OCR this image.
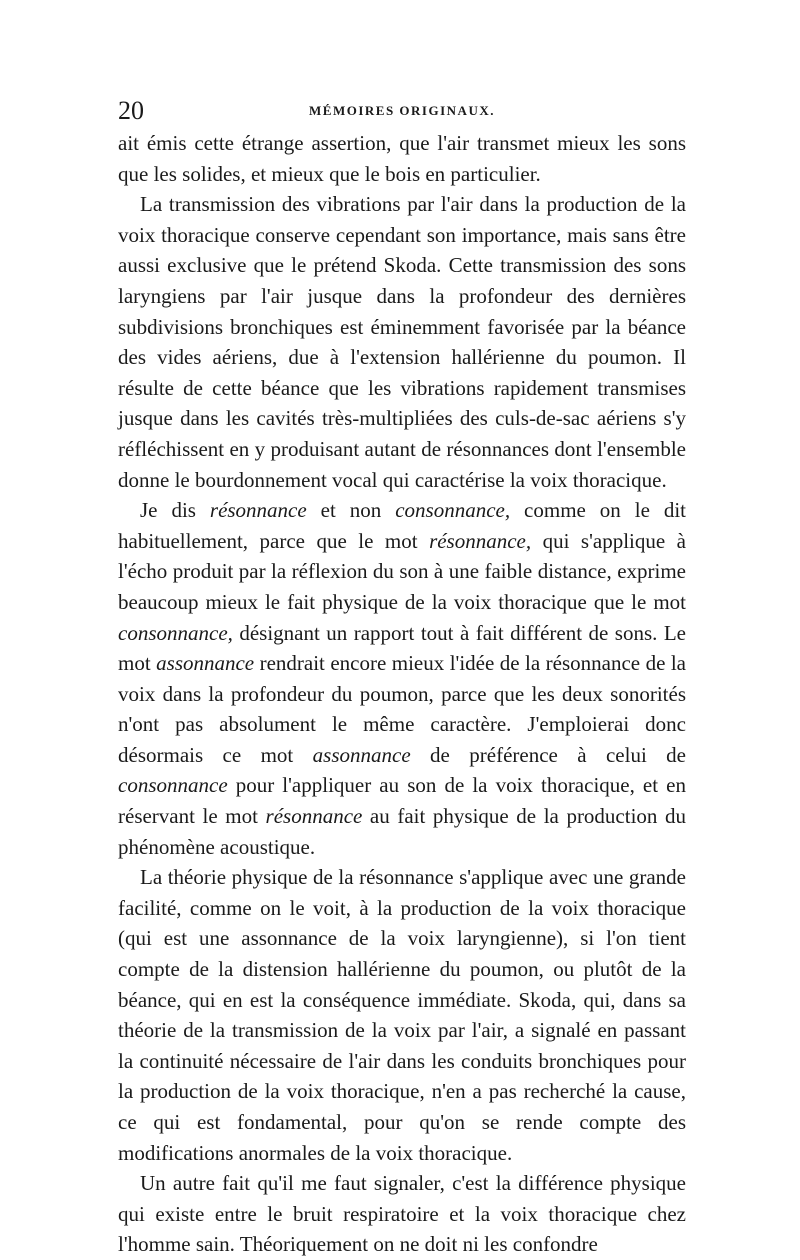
20	MÉMOIRES ORIGINAUX.

ait émis cette étrange assertion, que l'air transmet mieux les sons que les solides, et mieux que le bois en particulier.

La transmission des vibrations par l'air dans la production de la voix thoracique conserve cependant son importance, mais sans être aussi exclusive que le prétend Skoda. Cette transmission des sons laryngiens par l'air jusque dans la profondeur des dernières subdivisions bronchiques est éminemment favorisée par la béance des vides aériens, due à l'extension hallérienne du poumon. Il résulte de cette béance que les vibrations rapidement transmises jusque dans les cavités très-multipliées des culs-de-sac aériens s'y réfléchissent en y produisant autant de résonnances dont l'ensemble donne le bourdonnement vocal qui caractérise la voix thoracique.

Je dis résonnance et non consonnance, comme on le dit habituellement, parce que le mot résonnance, qui s'applique à l'écho produit par la réflexion du son à une faible distance, exprime beaucoup mieux le fait physique de la voix thoracique que le mot consonnance, désignant un rapport tout à fait différent de sons. Le mot assonnance rendrait encore mieux l'idée de la résonnance de la voix dans la profondeur du poumon, parce que les deux sonorités n'ont pas absolument le même caractère. J'emploierai donc désormais ce mot assonnance de préférence à celui de consonnance pour l'appliquer au son de la voix thoracique, et en réservant le mot résonnance au fait physique de la production du phénomène acoustique.

La théorie physique de la résonnance s'applique avec une grande facilité, comme on le voit, à la production de la voix thoracique (qui est une assonnance de la voix laryngienne), si l'on tient compte de la distension hallérienne du poumon, ou plutôt de la béance, qui en est la conséquence immédiate. Skoda, qui, dans sa théorie de la transmission de la voix par l'air, a signalé en passant la continuité nécessaire de l'air dans les conduits bronchiques pour la production de la voix thoracique, n'en a pas recherché la cause, ce qui est fondamental, pour qu'on se rende compte des modifications anormales de la voix thoracique.

Un autre fait qu'il me faut signaler, c'est la différence physique qui existe entre le bruit respiratoire et la voix thoracique chez l'homme sain. Théoriquement on ne doit ni les confondre
